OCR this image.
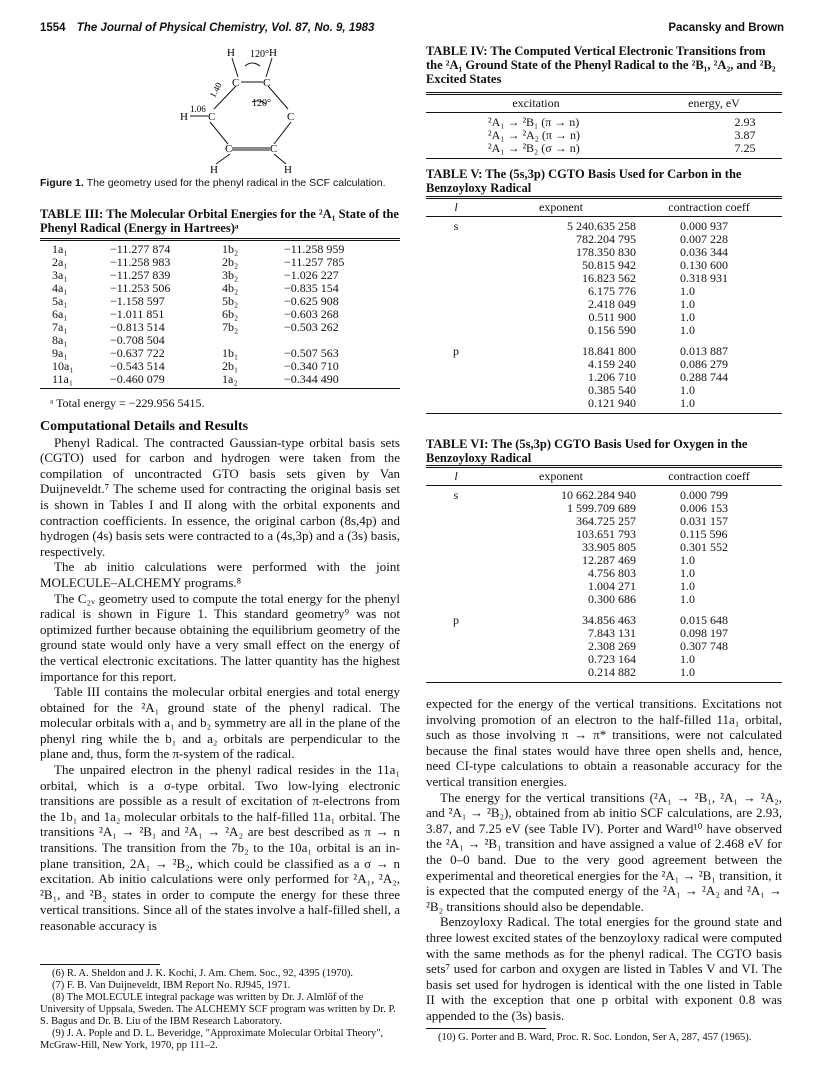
1554 The Journal of Physical Chemistry, Vol. 87, No. 9, 1983	Pacansky and Brown
H	H
120°
C C
1.40
120°
1.06
H C	C
C	C
H	H
Figure 1. The geometry used for the phenyl radical in the SCF calculation.
TABLE III: The Molecular Orbital Energies for the ²A₁ State of the Phenyl Radical (Energy in Hartrees)ᵃ
1a₁	−11.277 874	1b₂	−11.258 959
2a₁	−11.258 983	2b₂	−11.257 785
3a₁	−11.257 839	3b₂	−1.026 227
4a₁	−11.253 506	4b₂	−0.835 154
5a₁	−1.158 597	5b₂	−0.625 908
6a₁	−1.011 851	6b₂	−0.603 268
7a₁	−0.813 514	7b₂	−0.503 262
8a₁	−0.708 504		
9a₁	−0.637 722	1b₁	−0.507 563
10a₁	−0.543 514	2b₁	−0.340 710
11a₁	−0.460 079	1a₂	−0.344 490
ᵃ Total energy = −229.956 5415.
Computational Details and Results

Phenyl Radical. The contracted Gaussian-type orbital basis sets (CGTO) used for carbon and hydrogen were taken from the compilation of uncontracted GTO basis sets given by Van Duijneveldt.⁷ The scheme used for contracting the original basis set is shown in Tables I and II along with the orbital exponents and contraction coefficients. In essence, the original carbon (8s,4p) and hydrogen (4s) basis sets were contracted to a (4s,3p) and a (3s) basis, respectively.

The ab initio calculations were performed with the joint MOLECULE–ALCHEMY programs.⁸

The C₂ᵥ geometry used to compute the total energy for the phenyl radical is shown in Figure 1. This standard geometry⁹ was not optimized further because obtaining the equilibrium geometry of the ground state would only have a very small effect on the energy of the vertical electronic excitations. The latter quantity has the highest importance for this report.

Table III contains the molecular orbital energies and total energy obtained for the ²A₁ ground state of the phenyl radical. The molecular orbitals with a₁ and b₂ symmetry are all in the plane of the phenyl ring while the b₁ and a₂ orbitals are perpendicular to the plane and, thus, form the π-system of the radical.

The unpaired electron in the phenyl radical resides in the 11a₁ orbital, which is a σ-type orbital. Two low-lying electronic transitions are possible as a result of excitation of π-electrons from the 1b₁ and 1a₂ molecular orbitals to the half-filled 11a₁ orbital. The transitions ²A₁ → ²B₁ and ²A₁ → ²A₂ are best described as π → n transitions. The transition from the 7b₂ to the 10a₁ orbital is an in-plane transition, 2A₁ → ²B₂, which could be classified as a σ → n excitation. Ab initio calculations were only performed for ²A₁, ²A₂, ²B₁, and ²B₂ states in order to compute the energy for these three vertical transitions. Since all of the states involve a half-filled shell, a reasonable accuracy is

(6) R. A. Sheldon and J. K. Kochi, J. Am. Chem. Soc., 92, 4395 (1970).
(7) F. B. Van Duijneveldt, IBM Report No. RJ945, 1971.
(8) The MOLECULE integral package was written by Dr. J. Almlöf of the University of Uppsala, Sweden. The ALCHEMY SCF program was written by Dr. P. S. Bagus and Dr. B. Liu of the IBM Research Laboratory.
(9) J. A. Pople and D. L. Beveridge, "Approximate Molecular Orbital Theory", McGraw-Hill, New York, 1970, pp 111–2.
TABLE IV: The Computed Vertical Electronic Transitions from the ²A₁ Ground State of the Phenyl Radical to the ²B₁, ²A₂, and ²B₂ Excited States
excitation	energy, eV
²A₁ → ²B₁ (π → n)	2.93
²A₁ → ²A₂ (π → n)	3.87
²A₁ → ²B₂ (σ → n)	7.25
TABLE V: The (5s,3p) CGTO Basis Used for Carbon in the Benzoyloxy Radical
l	exponent	contraction coeff
s	5 240.635 258	0.000 937
	782.204 795	0.007 228
	178.350 830	0.036 344
	50.815 942	0.130 600
	16.823 562	0.318 931
	6.175 776	1.0
	2.418 049	1.0
	0.511 900	1.0
	0.156 590	1.0
p	18.841 800	0.013 887
	4.159 240	0.086 279
	1.206 710	0.288 744
	0.385 540	1.0
	0.121 940	1.0
TABLE VI: The (5s,3p) CGTO Basis Used for Oxygen in the Benzoyloxy Radical
l	exponent	contraction coeff
s	10 662.284 940	0.000 799
	1 599.709 689	0.006 153
	364.725 257	0.031 157
	103.651 793	0.115 596
	33.905 805	0.301 552
	12.287 469	1.0
	4.756 803	1.0
	1.004 271	1.0
	0.300 686	1.0
p	34.856 463	0.015 648
	7.843 131	0.098 197
	2.308 269	0.307 748
	0.723 164	1.0
	0.214 882	1.0

expected for the energy of the vertical transitions. Excitations not involving promotion of an electron to the half-filled 11a₁ orbital, such as those involving π → π* transitions, were not calculated because the final states would have three open shells and, hence, need CI-type calculations to obtain a reasonable accuracy for the vertical transition energies.

The energy for the vertical transitions (²A₁ → ²B₁, ²A₁ → ²A₂, and ²A₁ → ²B₂), obtained from ab initio SCF calculations, are 2.93, 3.87, and 7.25 eV (see Table IV). Porter and Ward¹⁰ have observed the ²A₁ → ²B₁ transition and have assigned a value of 2.468 eV for the 0–0 band. Due to the very good agreement between the experimental and theoretical energies for the ²A₁ → ²B₁ transition, it is expected that the computed energy of the ²A₁ → ²A₂ and ²A₁ → ²B₂ transitions should also be dependable.

Benzoyloxy Radical. The total energies for the ground state and three lowest excited states of the benzoyloxy radical were computed with the same methods as for the phenyl radical. The CGTO basis sets⁷ used for carbon and oxygen are listed in Tables V and VI. The basis set used for hydrogen is identical with the one listed in Table II with the exception that one p orbital with exponent 0.8 was appended to the (3s) basis.

(10) G. Porter and B. Ward, Proc. R. Soc. London, Ser A, 287, 457 (1965).
